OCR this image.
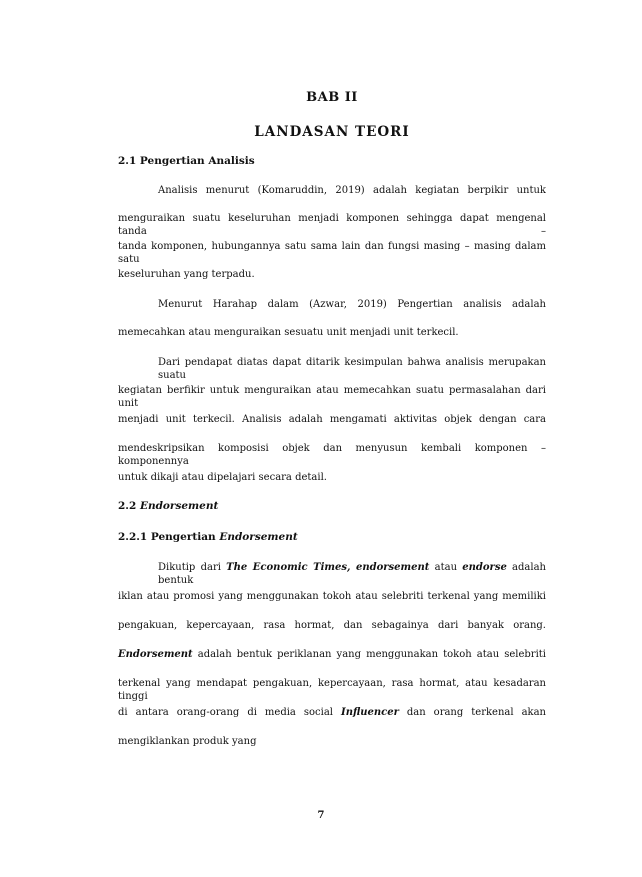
BAB II
LANDASAN TEORI
2.1 Pengertian Analisis
Analisis menurut (Komaruddin, 2019) adalah kegiatan berpikir untuk
menguraikan suatu keseluruhan menjadi komponen sehingga dapat mengenal tanda –
tanda komponen, hubungannya satu sama lain dan fungsi masing – masing dalam satu
keseluruhan yang terpadu.
Menurut Harahap dalam (Azwar, 2019) Pengertian analisis adalah
memecahkan atau menguraikan sesuatu unit menjadi unit terkecil.
Dari pendapat diatas dapat ditarik kesimpulan bahwa analisis merupakan suatu
kegiatan berfikir untuk menguraikan atau memecahkan suatu permasalahan dari unit
menjadi unit terkecil. Analisis adalah mengamati aktivitas objek dengan cara
mendeskripsikan komposisi objek dan menyusun kembali komponen – komponennya
untuk dikaji atau dipelajari secara detail.
2.2 Endorsement
2.2.1 Pengertian Endorsement
Dikutip dari The Economic Times, endorsement atau endorse adalah bentuk
iklan atau promosi yang menggunakan tokoh atau selebriti terkenal yang memiliki
pengakuan, kepercayaan, rasa hormat, dan sebagainya dari banyak orang.
Endorsement adalah bentuk periklanan yang menggunakan tokoh atau selebriti
terkenal yang mendapat pengakuan, kepercayaan, rasa hormat, atau kesadaran tinggi
di antara orang-orang di media social Influencer dan orang terkenal akan
mengiklankan produk yang
7
